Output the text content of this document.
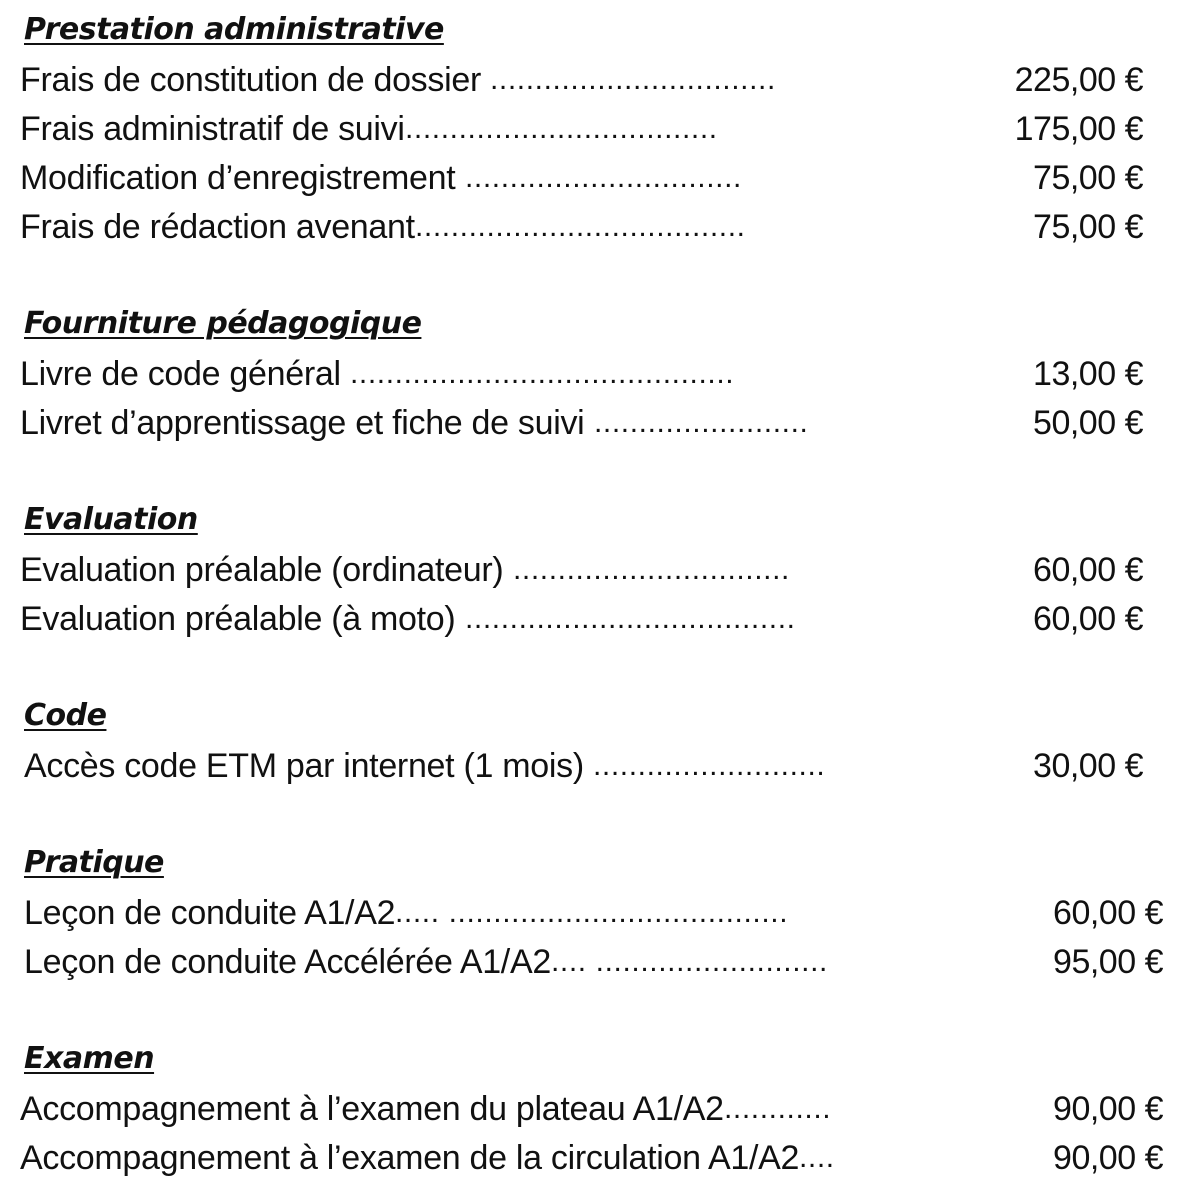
Prestation administrative
Frais de constitution de dossier ................................	225,00 €
Frais administratif de suivi ...................................	175,00 €
Modification d’enregistrement ...............................	75,00 €
Frais de rédaction avenant .....................................	75,00 €
Fourniture pédagogique
Livre de code général ...........................................	13,00 €
Livret d’apprentissage et fiche de suivi ........................	50,00 €
Evaluation
Evaluation préalable (ordinateur) ...............................	60,00 €
Evaluation préalable (à moto) .....................................	60,00 €
Code
Accès code ETM par internet (1 mois) ..........................	30,00 €
Pratique
Leçon de conduite A1/A2 ..... ......................................	60,00 €
Leçon de conduite Accélérée A1/A2 .... ..........................	95,00 €
Examen
Accompagnement à l’examen du plateau A1/A2 ............	90,00 €
Accompagnement à l’examen de la circulation A1/A2 ....	90,00 €
